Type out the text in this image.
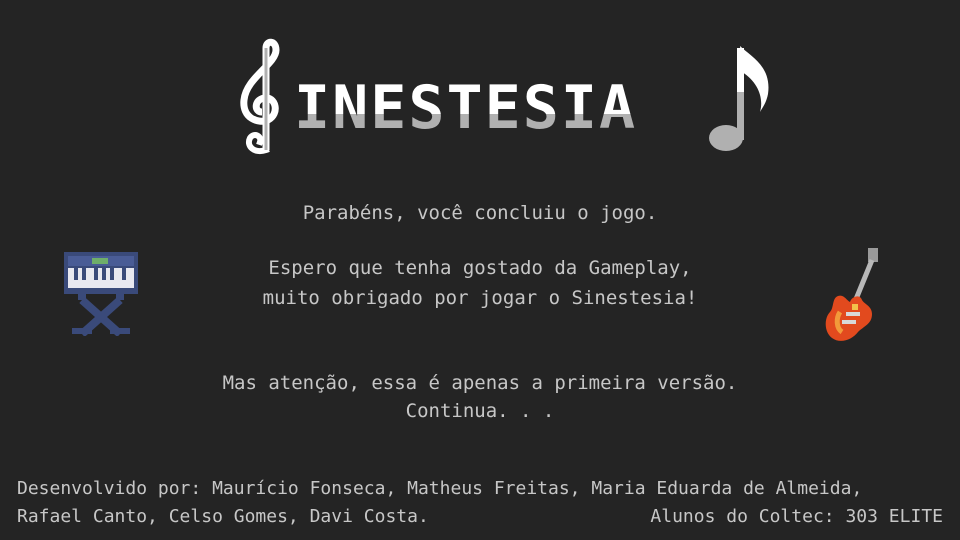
INESTESIA
Parabéns, você concluiu o jogo.
Espero que tenha gostado da Gameplay,
muito obrigado por jogar o Sinestesia!
Mas atenção, essa é apenas a primeira versão.
Continua. . .
Desenvolvido por: Maurício Fonseca, Matheus Freitas, Maria Eduarda de Almeida,
Rafael Canto, Celso Gomes, Davi Costa.	Alunos do Coltec: 303 ELITE
